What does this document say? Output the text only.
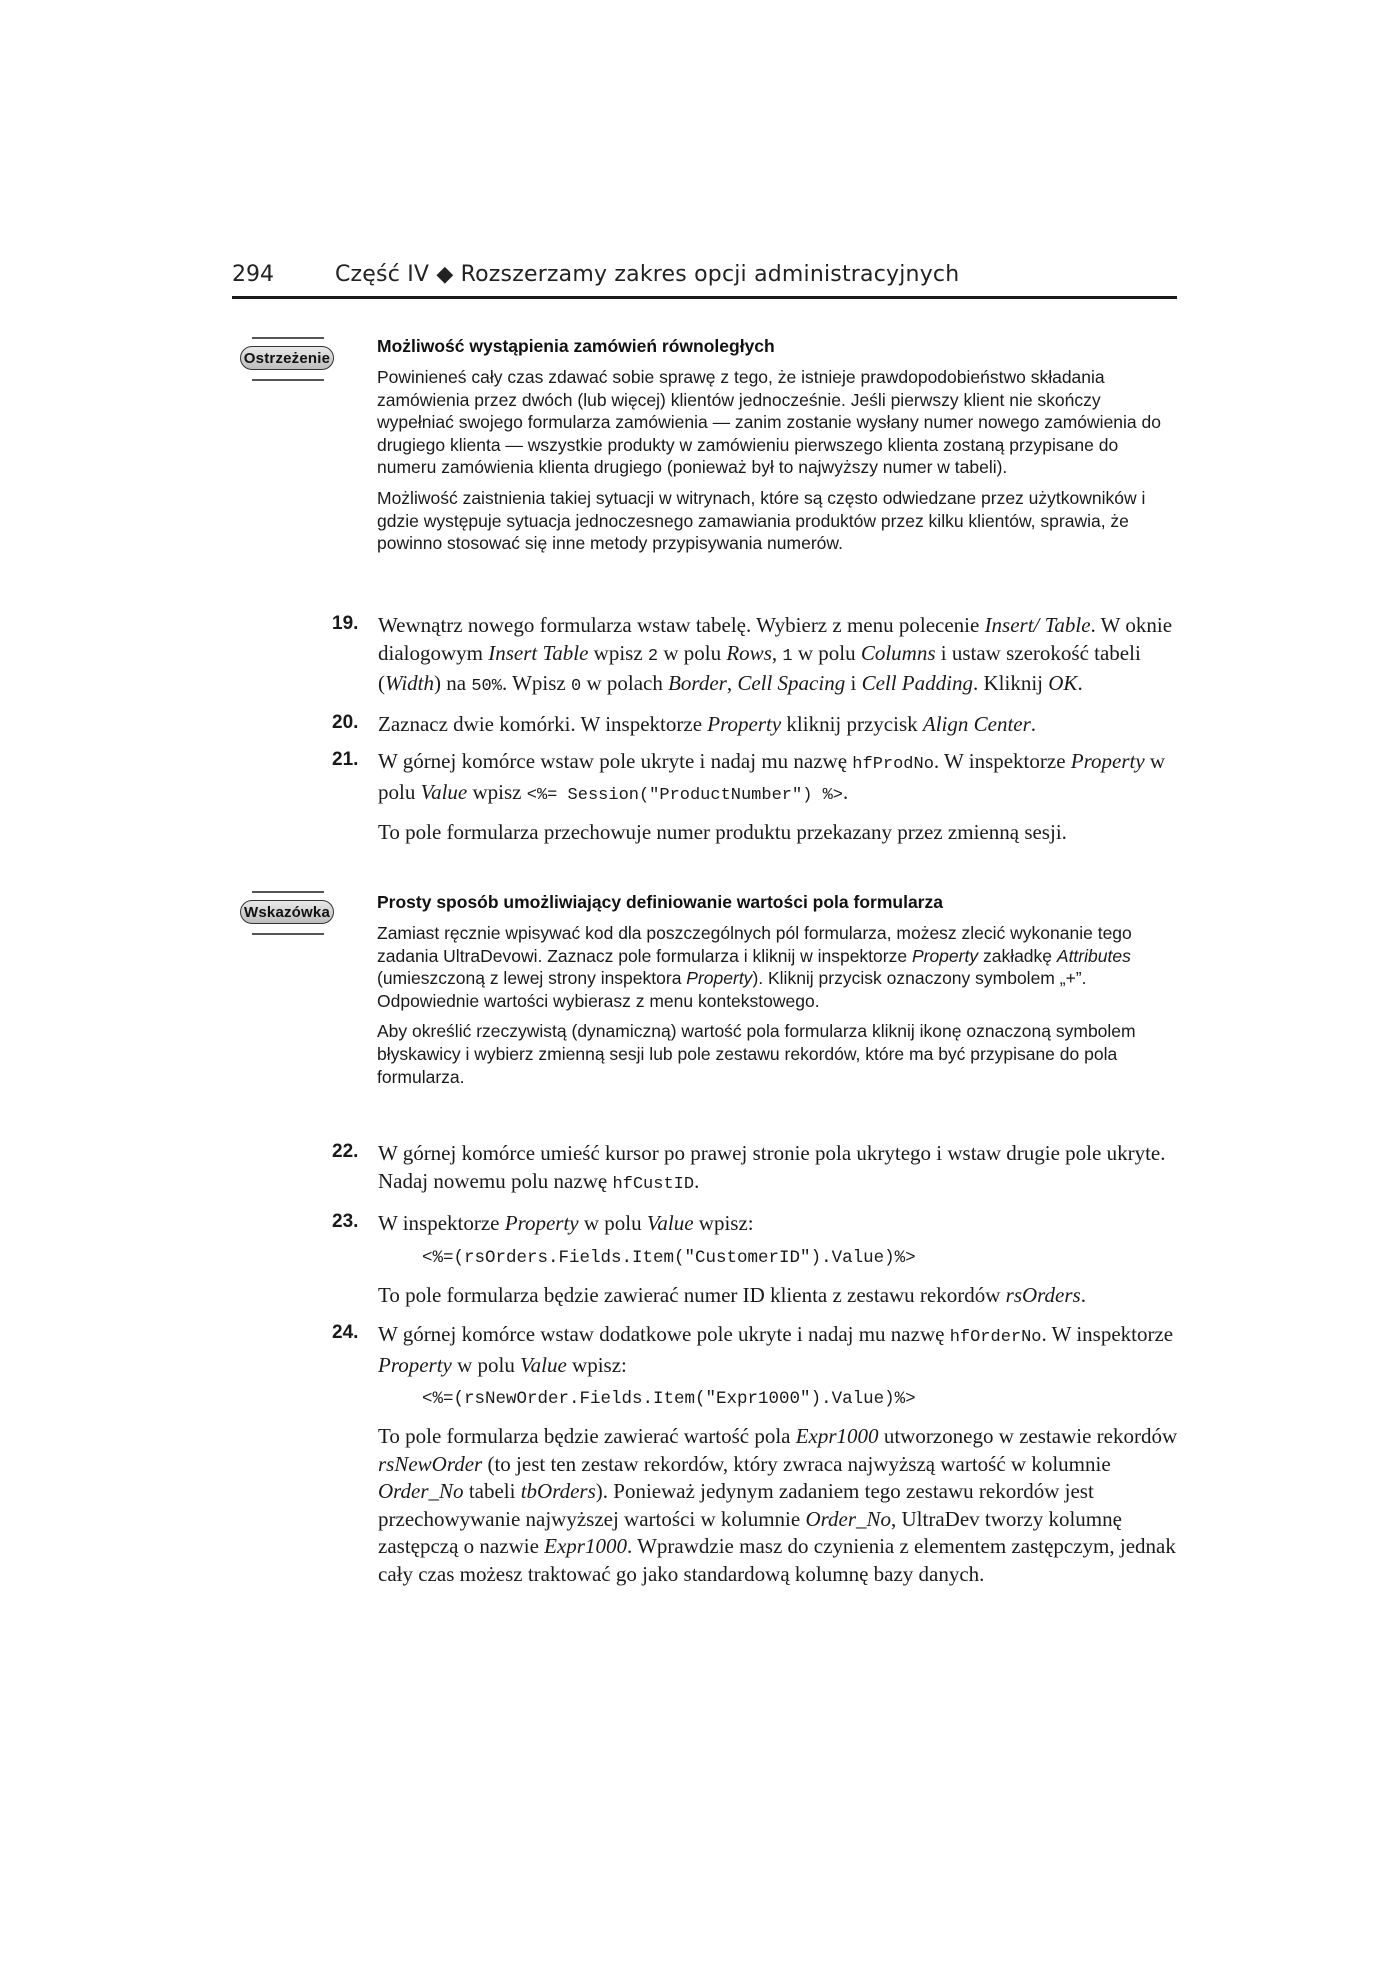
294	Część IV ◆ Rozszerzamy zakres opcji administracyjnych
Ostrzeżenie
Możliwość wystąpienia zamówień równoległych

Powinieneś cały czas zdawać sobie sprawę z tego, że istnieje prawdopodobieństwo składania zamówienia przez dwóch (lub więcej) klientów jednocześnie. Jeśli pierwszy klient nie skończy wypełniać swojego formularza zamówienia — zanim zostanie wysłany numer nowego zamówienia do drugiego klienta — wszystkie produkty w zamówieniu pierwszego klienta zostaną przypisane do numeru zamówienia klienta drugiego (ponieważ był to najwyższy numer w tabeli).

Możliwość zaistnienia takiej sytuacji w witrynach, które są często odwiedzane przez użytkowników i gdzie występuje sytuacja jednoczesnego zamawiania produktów przez kilku klientów, sprawia, że powinno stosować się inne metody przypisywania numerów.

19. Wewnątrz nowego formularza wstaw tabelę. Wybierz z menu polecenie Insert/ Table. W oknie dialogowym Insert Table wpisz 2 w polu Rows, 1 w polu Columns i ustaw szerokość tabeli (Width) na 50%. Wpisz 0 w polach Border, Cell Spacing i Cell Padding. Kliknij OK.
20. Zaznacz dwie komórki. W inspektorze Property kliknij przycisk Align Center.
21. W górnej komórce wstaw pole ukryte i nadaj mu nazwę hfProdNo. W inspektorze Property w polu Value wpisz <%= Session("ProductNumber") %>.
To pole formularza przechowuje numer produktu przekazany przez zmienną sesji.
Wskazówka	Prosty sposób umożliwiający definiowanie wartości pola formularza

Zamiast ręcznie wpisywać kod dla poszczególnych pól formularza, możesz zlecić wykonanie tego zadania UltraDevowi. Zaznacz pole formularza i kliknij w inspektorze Property zakładkę Attributes (umieszczoną z lewej strony inspektora Property). Kliknij przycisk oznaczony symbolem „+”. Odpowiednie wartości wybierasz z menu kontekstowego.

Aby określić rzeczywistą (dynamiczną) wartość pola formularza kliknij ikonę oznaczoną symbolem błyskawicy i wybierz zmienną sesji lub pole zestawu rekordów, które ma być przypisane do pola formularza.

22. W górnej komórce umieść kursor po prawej stronie pola ukrytego i wstaw drugie pole ukryte. Nadaj nowemu polu nazwę hfCustID.
23. W inspektorze Property w polu Value wpisz:
<%=(rsOrders.Fields.Item("CustomerID").Value)%>
To pole formularza będzie zawierać numer ID klienta z zestawu rekordów rsOrders.
24. W górnej komórce wstaw dodatkowe pole ukryte i nadaj mu nazwę hfOrderNo. W inspektorze Property w polu Value wpisz:
<%=(rsNewOrder.Fields.Item("Expr1000").Value)%>
To pole formularza będzie zawierać wartość pola Expr1000 utworzonego w zestawie rekordów rsNewOrder (to jest ten zestaw rekordów, który zwraca najwyższą wartość w kolumnie Order_No tabeli tbOrders). Ponieważ jedynym zadaniem tego zestawu rekordów jest przechowywanie najwyższej wartości w kolumnie Order_No, UltraDev tworzy kolumnę zastępczą o nazwie Expr1000. Wprawdzie masz do czynienia z elementem zastępczym, jednak cały czas możesz traktować go jako standardową kolumnę bazy danych.
